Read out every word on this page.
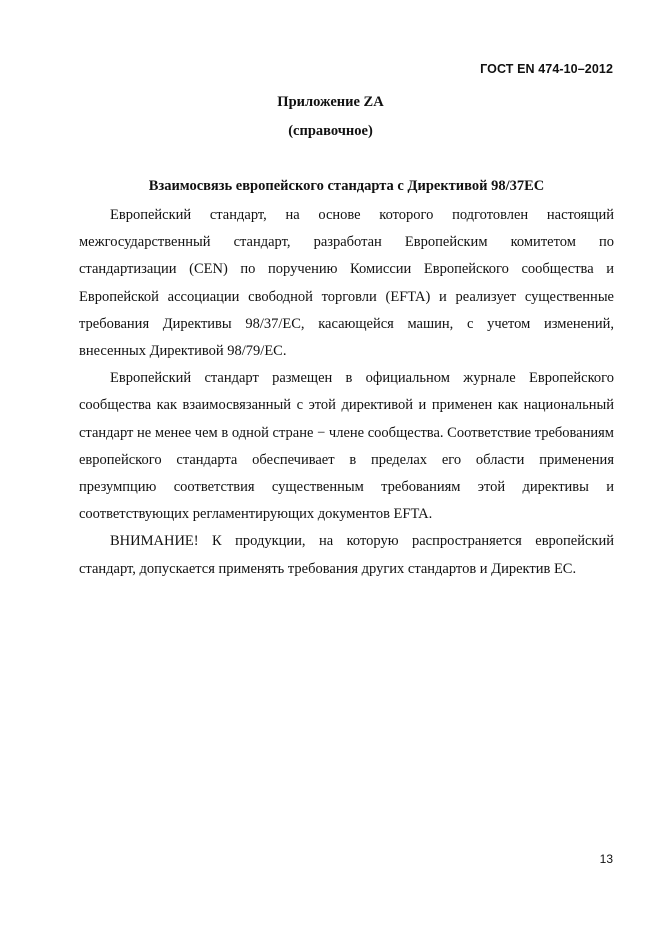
ГОСТ EN 474-10–2012
Приложение ZA
(справочное)
Взаимосвязь европейского стандарта с Директивой 98/37ЕС

Европейский стандарт, на основе которого подготовлен настоящий межгосударственный стандарт, разработан Европейским комитетом по стандартизации (CEN) по поручению Комиссии Европейского сообщества и Европейской ассоциации свободной торговли (EFTA) и реализует существенные требования Директивы 98/37/ЕС, касающейся машин, с учетом изменений, внесенных Директивой 98/79/ЕС.

Европейский стандарт размещен в официальном журнале Европейского сообщества как взаимосвязанный с этой директивой и применен как национальный стандарт не менее чем в одной стране − члене сообщества. Соответствие требованиям европейского стандарта обеспечивает в пределах его области применения презумпцию соответствия существенным требованиям этой директивы и соответствующих регламентирующих документов EFTA.

ВНИМАНИЕ! К продукции, на которую распространяется европейский стандарт, допускается применять требования других стандартов и Директив ЕС.

13
